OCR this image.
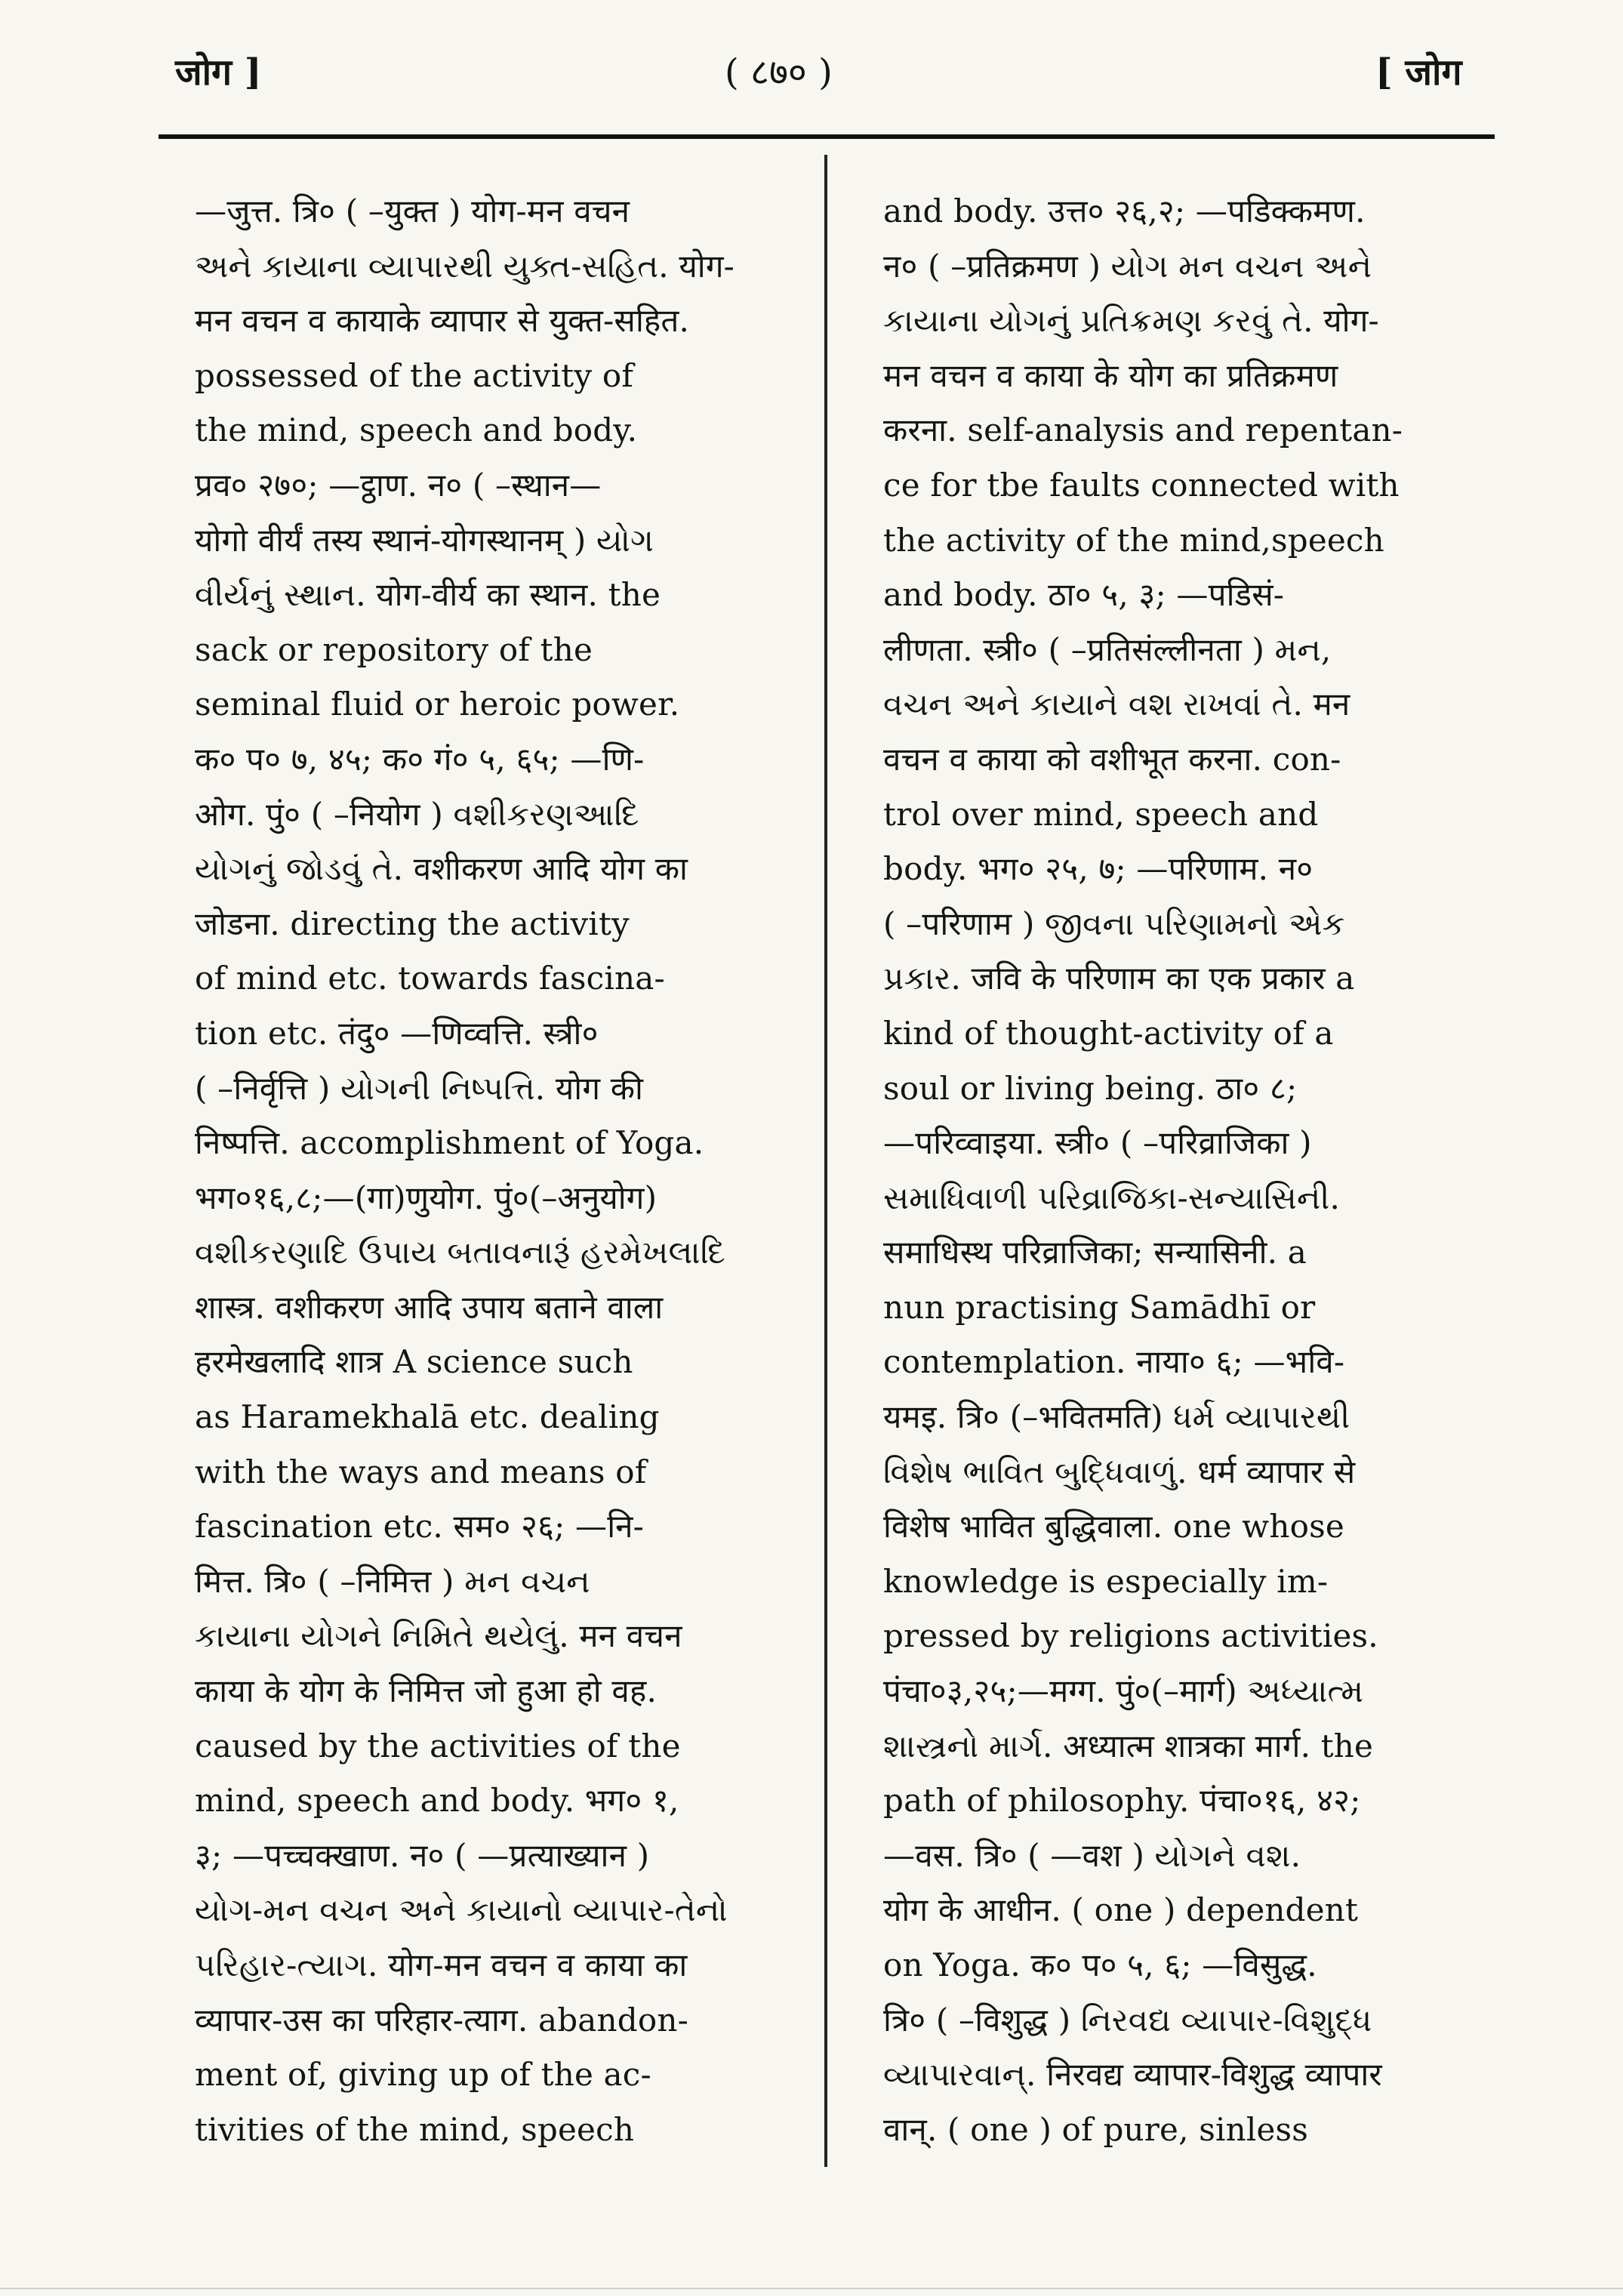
जोग ]	( ८७० )	[ जोग
—जुत्त. त्रि० ( –युक्त ) योग-मन वचन
અને કાયાના વ્યાપારથી યુક્ત-સહિત. योग-
मन वचन व कायाके व्यापार से युक्त-सहित.
possessed of the activity of
the mind, speech and body.
प्रव० २७०; —ट्ठाण. न० ( –स्थान—
योगो वीर्यं तस्य स्थानं-योगस्थानम् ) યોગ
વીર્યનું સ્થાન. योग-वीर्य का स्थान. the
sack or repository of the
seminal fluid or heroic power.
क० प० ७, ४५; क० गं० ५, ६५; —णि-
ओग. पुं० ( –नियोग ) વશીકરણઆદિ
યોગનું જોડવું તે. वशीकरण आदि योग का
जोडना. directing the activity
of mind etc. towards fascina-
tion etc. तंदु० —णिव्वत्ति. स्त्री०
( –निर्वृत्ति ) યોગની નિષ્પત્તિ. योग की
निष्पत्ति. accomplishment of Yoga.
भग०१६,८;—(गा)णुयोग. पुं०(–अनुयोग)
વશીકરણાદિ ઉપાય બતાવનારૂં હરમેખલાદિ
शास्त्र. वशीकरण आदि उपाय बताने वाला
हरमेखलादि शात्र A science such
as Haramekhalā etc. dealing
with the ways and means of
fascination etc. सम० २६; —नि-
मित्त. त्रि० ( –निमित्त ) મન વચન
કાયાના યોગને નિમિતે થયેલું. मन वचन
काया के योग के निमित्त जो हुआ हो वह.
caused by the activities of the
mind, speech and body. भग० १,
३; —पच्चक्खाण. न० ( —प्रत्याख्यान )
યોગ-મન વચન અને કાયાનો વ્યાપાર-તેનો
પરિહાર-ત્યાગ. योग-मन वचन व काया का
व्यापार-उस का परिहार-त्याग. abandon-
ment of, giving up of the ac-
tivities of the mind, speech
and body. उत्त० २६,२; —पडिक्कमण.
न० ( –प्रतिक्रमण ) યોગ મન વચન અને
કાયાના યોગનું પ્રતિક્રમણ કરવું તે. योग-
मन वचन व काया के योग का प्रतिक्रमण
करना. self-analysis and repentan-
ce for tbe faults connected with
the activity of the mind,speech
and body. ठा० ५, ३; —पडिसं-
लीणता. स्त्री० ( –प्रतिसंल्लीनता ) મન,
વચન અને કાયાને વશ રાખવાં તે. मन
वचन व काया को वशीभूत करना. con-
trol over mind, speech and
body. भग० २५, ७; —परिणाम. न०
( –परिणाम ) જીવના પરિણામનો એક
પ્રકાર. जवि के परिणाम का एक प्रकार a
kind of thought-activity of a
soul or living being. ठा० ८;
—परिव्वाइया. स्त्री० ( –परिव्राजिका )
સમાધિવાળી પરિવ્રાજિકા-સન્યાસિની.
समाधिस्थ परिव्राजिका; सन्यासिनी. a
nun practising Samādhī or
contemplation. नाया० ६; —भवि-
यमइ. त्रि० (–भवितमति) ધર્મ વ્યાપારથી
વિશેષ ભાવિત બુદ્ધિવાળું. धर्म व्यापार से
विशेष भावित बुद्धिवाला. one whose
knowledge is especially im-
pressed by religions activities.
पंचा०३,२५;—मग्ग. पुं०(–मार्ग) અધ્યાત્મ
શાસ્ત્રનો માર્ગ. अध्यात्म शात्रका मार्ग. the
path of philosophy. पंचा०१६, ४२;
—वस. त्रि० ( —वश ) યોગને વશ.
योग के आधीन. ( one ) dependent
on Yoga. क० प० ५, ६; —विसुद्ध.
त्रि० ( –विशुद्ध ) નિરવદ્ય વ્યાપાર-વિશુદ્ધ
વ્યાપારવાન્. निरवद्य व्यापार-विशुद्ध व्यापार
वान्. ( one ) of pure, sinless
